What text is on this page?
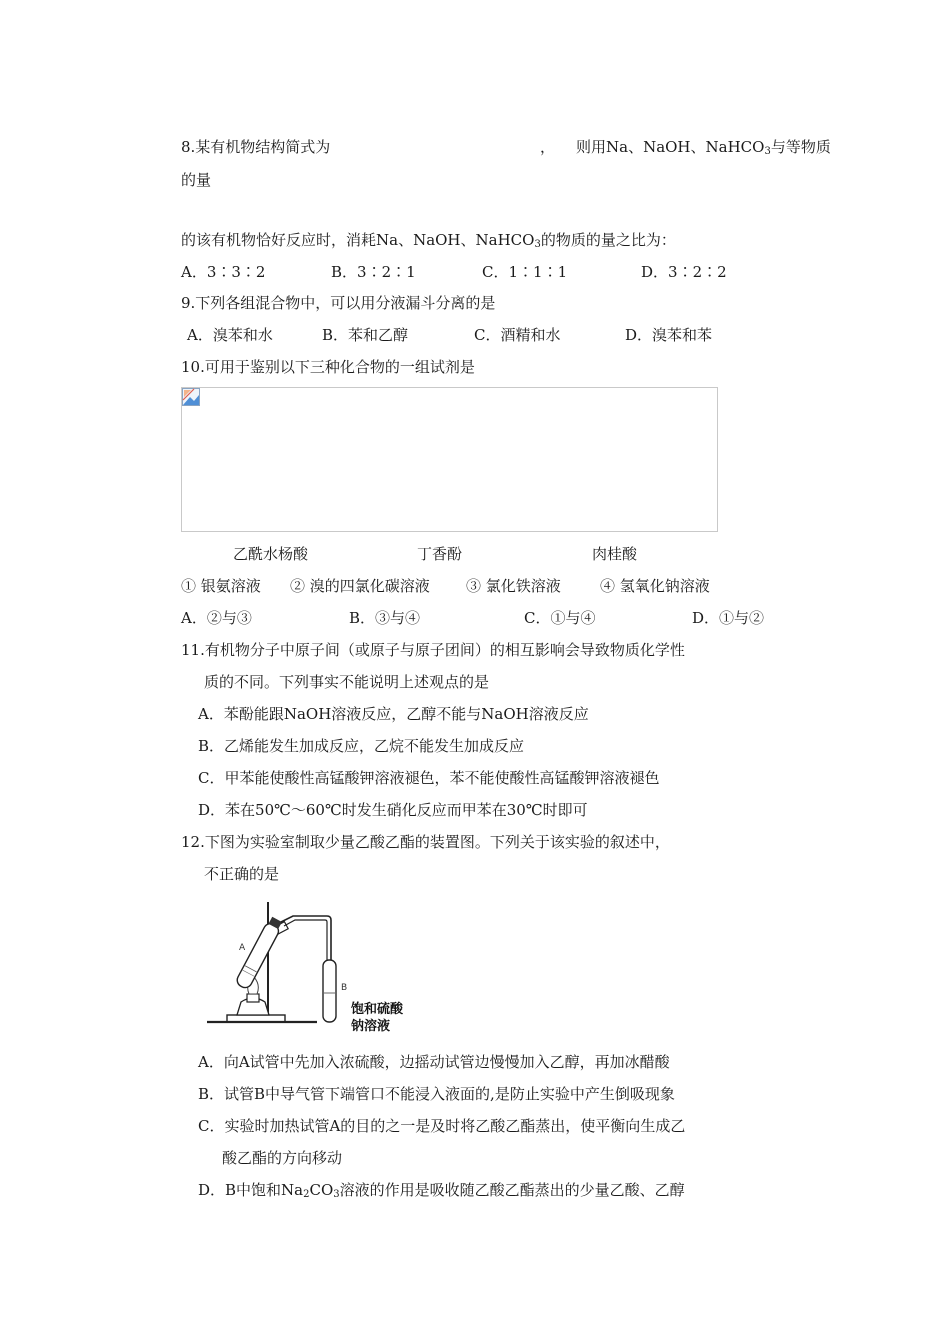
8.某有机物结构简式为	， 则用Na、NaOH、NaHCO$_3$与等物质
的量
的该有机物恰好反应时，消耗Na、NaOH、NaHCO$_3$的物质的量之比为：
A．3∶3∶2	B．3∶2∶1	C．1∶1∶1	D．3∶2∶2
9.下列各组混合物中，可以用分液漏斗分离的是
A．溴苯和水	B．苯和乙醇	C．酒精和水	D．溴苯和苯
10.可用于鉴别以下三种化合物的一组试剂是
乙酰水杨酸	丁香酚	肉桂酸
① 银氨溶液 ② 溴的四氯化碳溶液 ③ 氯化铁溶液	④ 氢氧化钠溶液
A．②与③	B．③与④	C．①与④	D．①与②
11.有机物分子中原子间（或原子与原子团间）的相互影响会导致物质化学性
质的不同。下列事实不能说明上述观点的是
A．苯酚能跟NaOH溶液反应，乙醇不能与NaOH溶液反应
B．乙烯能发生加成反应，乙烷不能发生加成反应
C．甲苯能使酸性高锰酸钾溶液褪色，苯不能使酸性高锰酸钾溶液褪色
D．苯在50℃～60℃时发生硝化反应而甲苯在30℃时即可
12.下图为实验室制取少量乙酸乙酯的装置图。下列关于该实验的叙述中，
不正确的是
A
B
饱和硫酸
钠溶液
A．向A试管中先加入浓硫酸，边摇动试管边慢慢加入乙醇，再加冰醋酸
B．试管B中导气管下端管口不能浸入液面的,是防止实验中产生倒吸现象
C．实验时加热试管A的目的之一是及时将乙酸乙酯蒸出，使平衡向生成乙
酸乙酯的方向移动
D．B中饱和$Na_2CO_3$溶液的作用是吸收随乙酸乙酯蒸出的少量乙酸、乙醇
